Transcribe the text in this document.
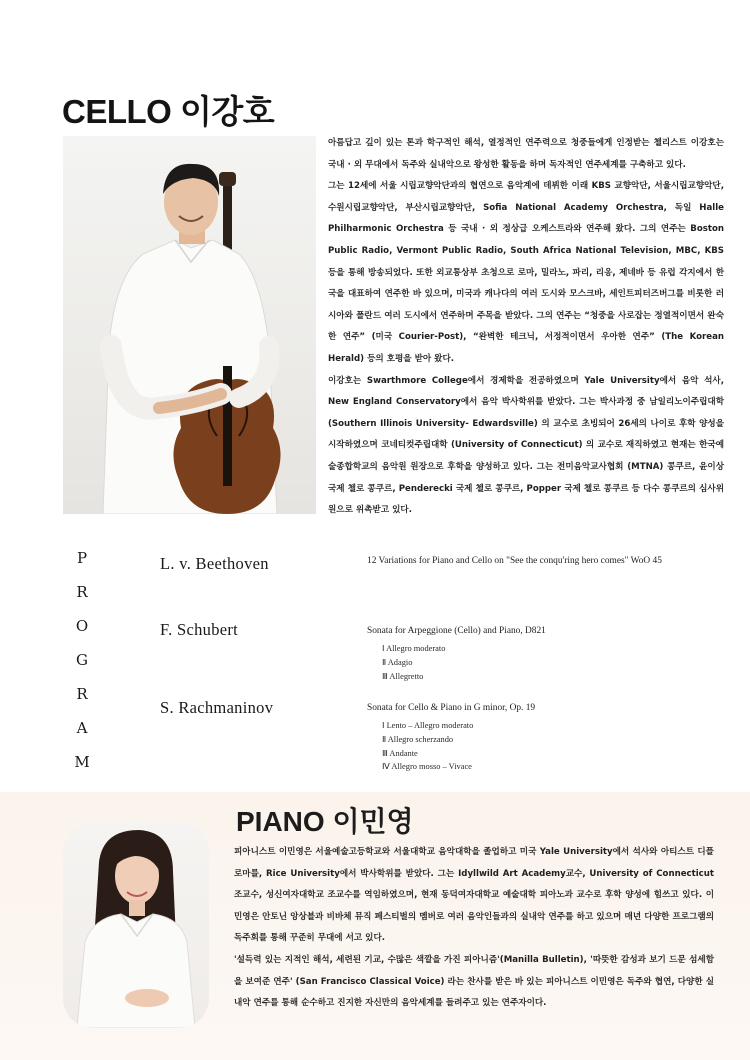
CELLO 이강호

아름답고 깊이 있는 톤과 학구적인 해석, 열정적인 연주력으로 청중들에게 인정받는 첼리스트 이강호는 국내 · 외 무대에서 독주와 실내악으로 왕성한 활동을 하며 독자적인 연주세계를 구축하고 있다.

그는 12세에 서울 시립교향악단과의 협연으로 음악계에 데뷔한 이래 KBS 교향악단, 서울시립교향악단, 수원시립교향악단, 부산시립교향악단, Sofia National Academy Orchestra, 독일 Halle Philharmonic Orchestra 등 국내 · 외 정상급 오케스트라와 연주해 왔다. 그의 연주는 Boston Public Radio, Vermont Public Radio, South Africa National Television, MBC, KBS 등을 통해 방송되었다. 또한 외교통상부 초청으로 로마, 밀라노, 파리, 리옹, 제네바 등 유럽 각지에서 한국을 대표하여 연주한 바 있으며, 미국과 캐나다의 여러 도시와 모스크바, 세인트피터즈버그를 비롯한 러시아와 폴란드 여러 도시에서 연주하며 주목을 받았다. 그의 연주는 “청중을 사로잡는 정열적이면서 완숙한 연주” (미국 Courier-Post), “완벽한 테크닉, 서정적이면서 우아한 연주” (The Korean Herald) 등의 호평을 받아 왔다.

이강호는 Swarthmore College에서 경제학을 전공하였으며 Yale University에서 음악 석사, New England Conservatory에서 음악 박사학위를 받았다. 그는 박사과정 중 남일리노이주립대학 (Southern Illinois University- Edwardsville) 의 교수로 초빙되어 26세의 나이로 후학 양성을 시작하였으며 코네티컷주립대학 (University of Connecticut) 의 교수로 재직하였고 현재는 한국예술종합학교의 음악원 원장으로 후학을 양성하고 있다. 그는 전미음악교사협회 (MTNA) 콩쿠르, 윤이상 국제 첼로 콩쿠르, Penderecki 국제 첼로 콩쿠르, Popper 국제 첼로 콩쿠르 등 다수 콩쿠르의 심사위원으로 위촉받고 있다.

P
R
O
G
R
A
M
L. v. Beethoven	12 Variations for Piano and Cello on "See the conqu'ring hero comes" WoO 45
F. Schubert	Sonata for Arpeggione (Cello) and Piano, D821
Ⅰ Allegro moderato
Ⅱ Adagio
Ⅲ Allegretto
S. Rachmaninov	Sonata for Cello & Piano in G minor, Op. 19
Ⅰ Lento – Allegro moderato
Ⅱ Allegro scherzando
Ⅲ Andante
Ⅳ Allegro mosso – Vivace
PIANO 이민영

피아니스트 이민영은 서울예술고등학교와 서울대학교 음악대학을 졸업하고 미국 Yale University에서 석사와 아티스트 디플로마를, Rice University에서 박사학위를 받았다. 그는 Idyllwild Art Academy교수, University of Connecticut 조교수, 성신여자대학교 조교수를 역임하였으며, 현재 동덕여자대학교 예술대학 피아노과 교수로 후학 양성에 힘쓰고 있다. 이민영은 안토닌 앙상블과 비바체 뮤직 페스티벌의 멤버로 여러 음악인들과의 실내악 연주를 하고 있으며 매년 다양한 프로그램의 독주회를 통해 꾸준히 무대에 서고 있다.

'설득력 있는 지적인 해석, 세련된 기교, 수많은 색깔을 가진 피아니즘'(Manilla Bulletin), '따뜻한 감성과 보기 드문 섬세함을 보여준 연주' (San Francisco Classical Voice) 라는 찬사를 받은 바 있는 피아니스트 이민영은 독주와 협연, 다양한 실내악 연주를 통해 순수하고 진지한 자신만의 음악세계를 들려주고 있는 연주자이다.
